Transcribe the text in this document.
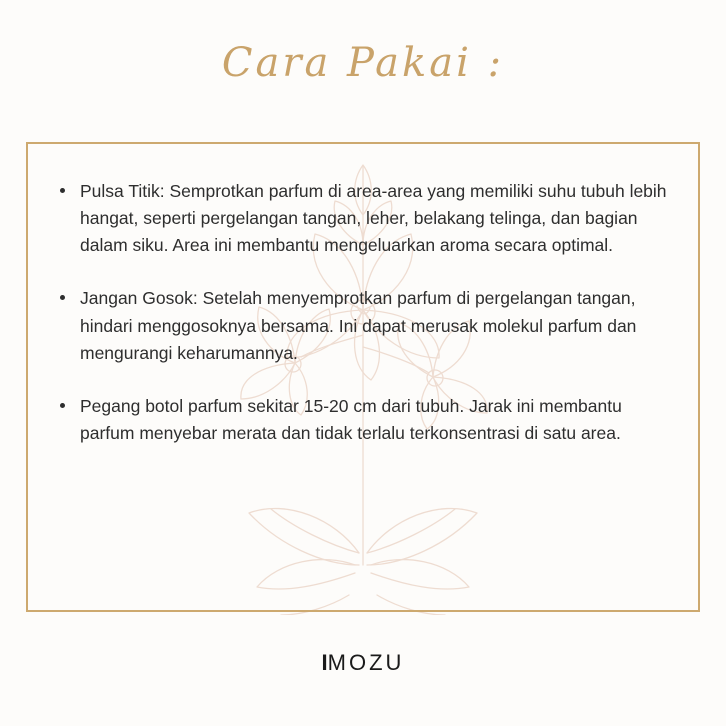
Cara Pakai :
Pulsa Titik: Semprotkan parfum di area-area yang memiliki suhu tubuh lebih hangat, seperti pergelangan tangan, leher, belakang telinga, dan bagian dalam siku. Area ini membantu mengeluarkan aroma secara optimal.
Jangan Gosok: Setelah menyemprotkan parfum di pergelangan tangan, hindari menggosoknya bersama. Ini dapat merusak molekul parfum dan mengurangi keharumannya.
Pegang botol parfum sekitar 15-20 cm dari tubuh. Jarak ini membantu parfum menyebar merata dan tidak terlalu terkonsentrasi di satu area.
IMOZU
